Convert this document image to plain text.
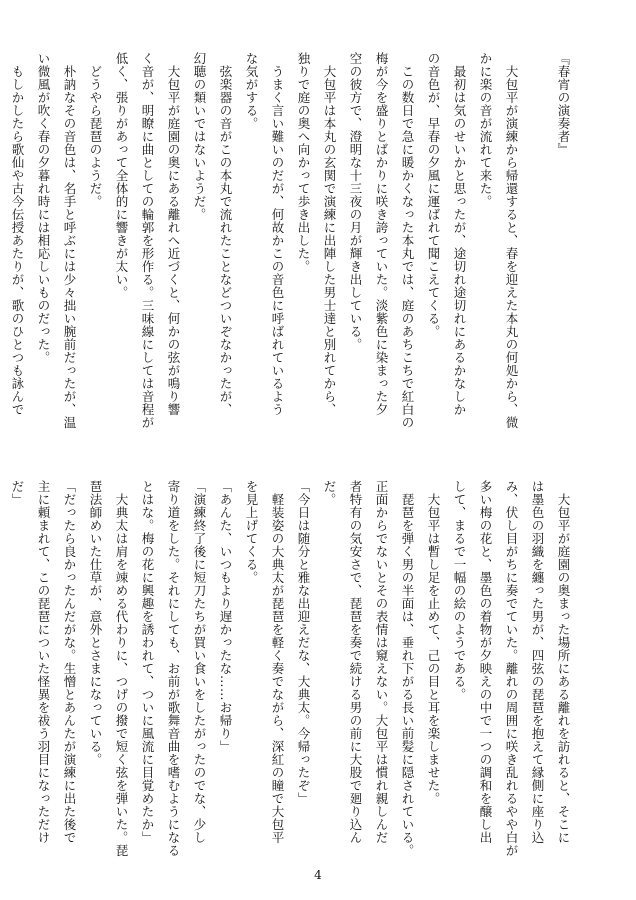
『春宵の演奏者』

　大包平が演練から帰還すると、春を迎えた本丸の何処から、微
かに楽の音が流れて来た。
　最初は気のせいかと思ったが、途切れ途切れにあるかなしか
の音色が、早春の夕風に運ばれて聞こえてくる。
　この数日で急に暖かくなった本丸では、庭のあちこちで紅白の
梅が今を盛りとばかりに咲き誇っていた。淡紫色に染まった夕
空の彼方で、澄明な十三夜の月が輝き出している。
　大包平は本丸の玄関で演練に出陣した男士達と別れてから、
独りで庭の奥へ向かって歩き出した。
　うまく言い難いのだが、何故かこの音色に呼ばれているよう
な気がする。
　弦楽器の音がこの本丸で流れたことなどついぞなかったが、
幻聴の類いではないようだ。
　大包平が庭園の奥にある離れへ近づくと、何かの弦が鳴り響
く音が、明瞭に曲としての輪郭を形作る。三味線にしては音程が
低く、張りがあって全体的に響きが太い。
　どうやら琵琶のようだ。
　朴訥なその音色は、名手と呼ぶには少々拙い腕前だったが、温
い微風が吹く春の夕暮れ時には相応しいものだった。
　もしかしたら歌仙や古今伝授あたりが、歌のひとつも詠んで
　大包平が庭園の奥まった場所にある離れを訪れると、そこに
は墨色の羽織を纏った男が、四弦の琵琶を抱えて縁側に座り込
み、伏し目がちに奏でていた。離れの周囲に咲き乱れるやや白が
多い梅の花と、墨色の着物が夕映えの中で一つの調和を醸し出
して、まるで一幅の絵のようである。
　大包平は暫し足を止めて、己の目と耳を楽しませた。
　琵琶を弾く男の半面は、垂れ下がる長い前髪に隠されている。
正面からでないとその表情は窺えない。大包平は慣れ親しんだ
者特有の気安さで、琵琶を奏で続ける男の前に大股で廻り込ん
だ。
「今日は随分と雅な出迎えだな、大典太。今帰ったぞ」
　軽装姿の大典太が琵琶を軽く奏でながら、深紅の瞳で大包平
を見上げてくる。
「あんた、いつもより遅かったな……お帰り」
「演練終了後に短刀たちが買い食いをしたがったのでな、少し
寄り道をした。それにしても、お前が歌舞音曲を嗜むようになる
とはな。梅の花に興趣を誘われて、ついに風流に目覚めたか」
　大典太は肩を竦める代わりに、つげの撥で短く弦を弾いた。琵
琶法師めいた仕草が、意外とさまになっている。
「だったら良かったんだがな。生憎とあんたが演練に出た後で
主に頼まれて、この琵琶についた怪異を祓う羽目になっただけ
だ」
4
